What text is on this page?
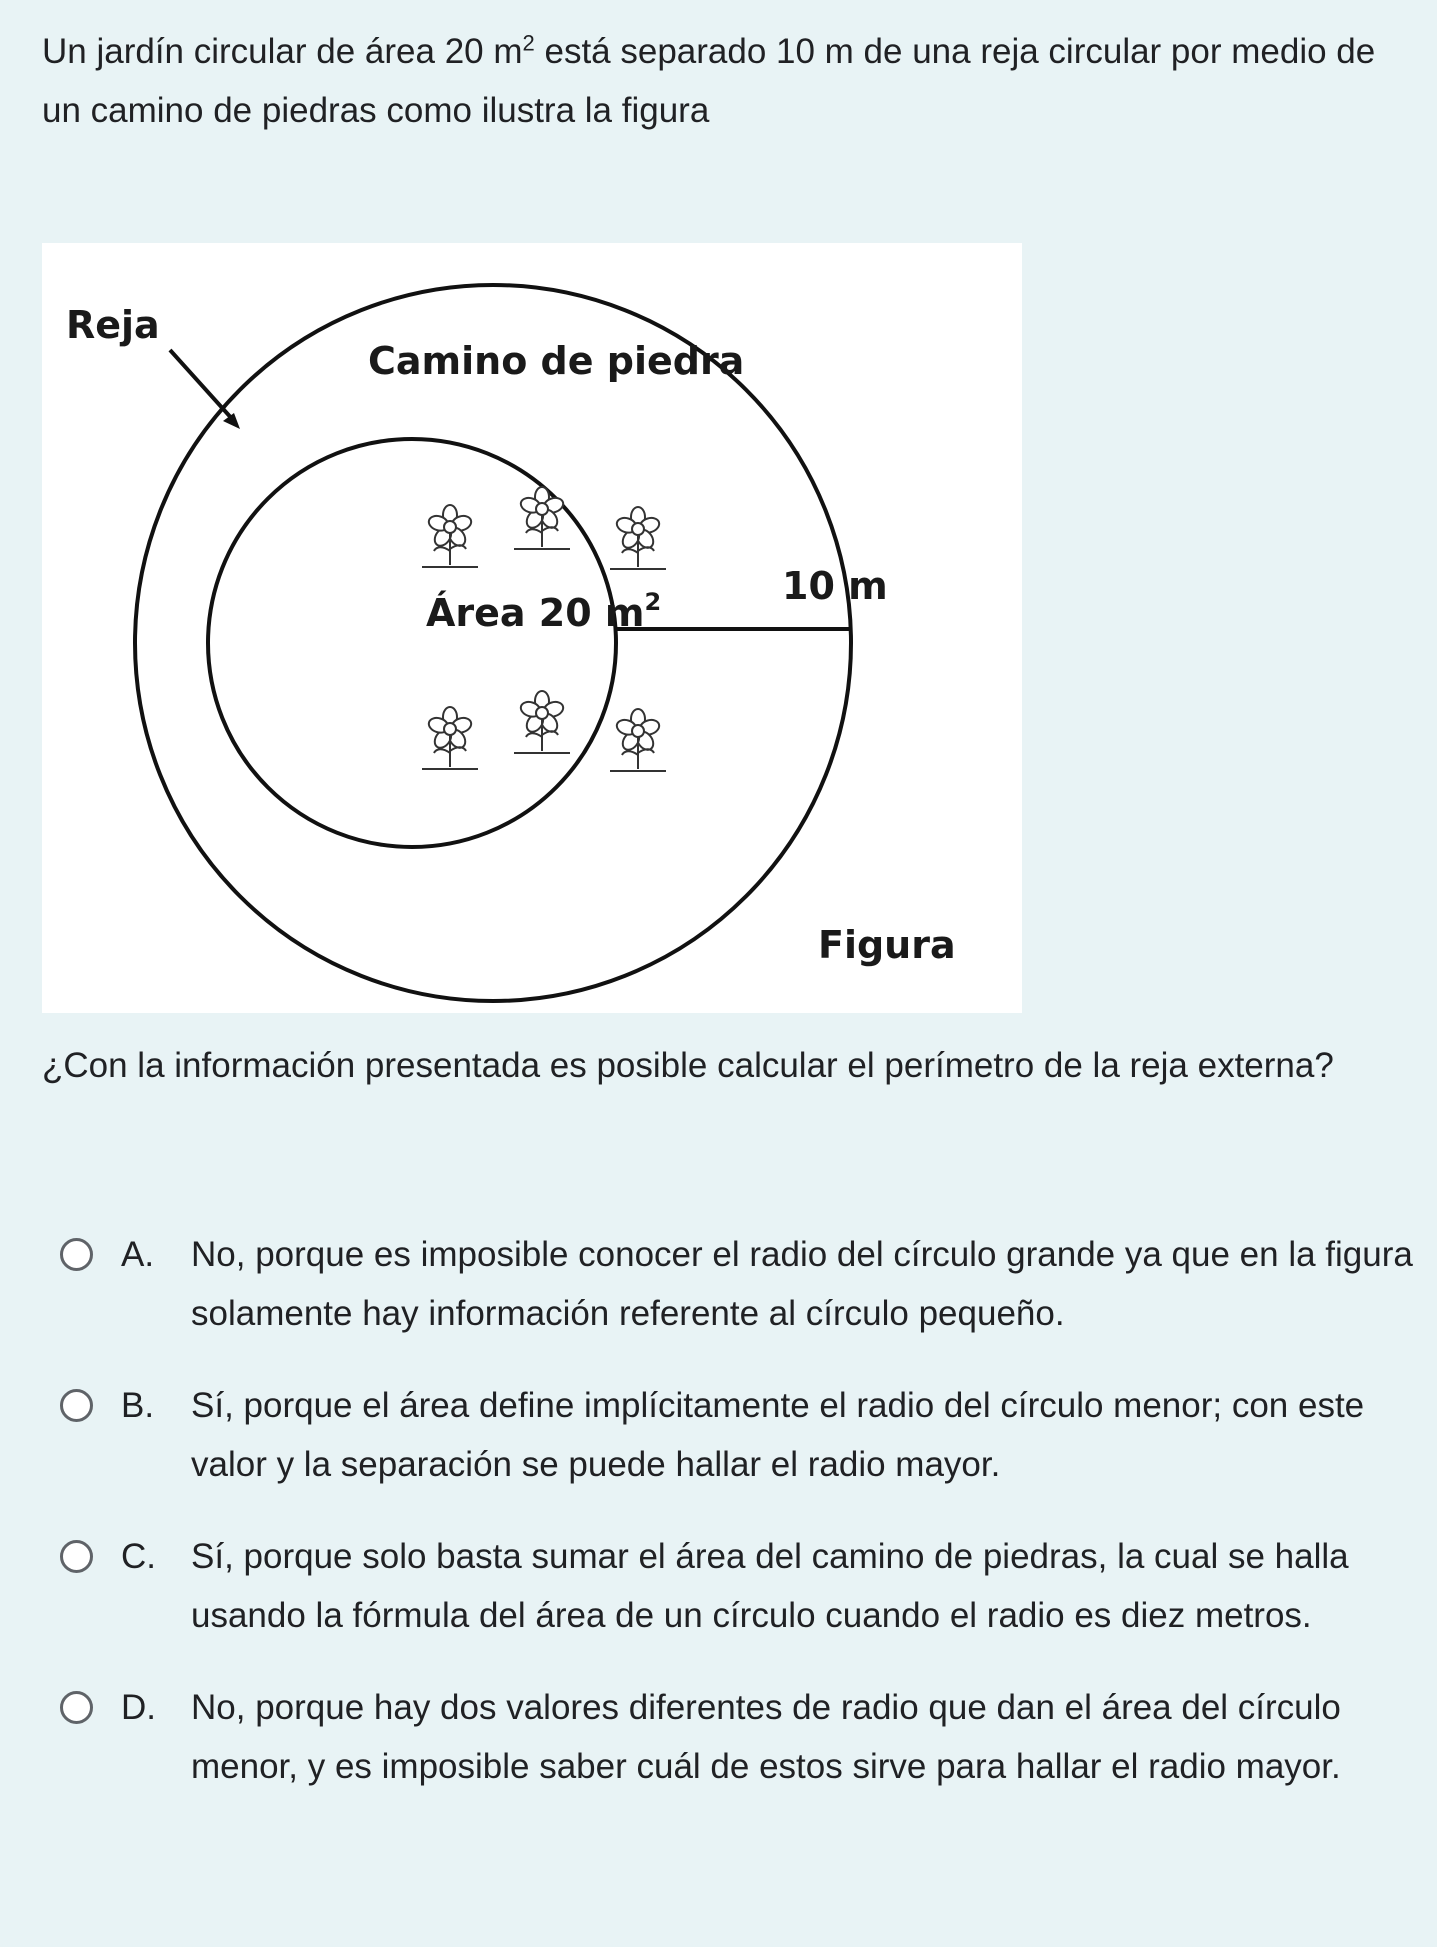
Un jardín circular de área 20 $m^2$ está separado 10 m de una reja circular por medio de un camino de piedras como ilustra la figura

Reja
Camino de piedra
Área 20 $m^2$	10 m
Figura

¿Con la información presentada es posible calcular el perímetro de la reja externa?

A.	No, porque es imposible conocer el radio del círculo grande ya que en la figura solamente hay información referente al círculo pequeño.
B.	Sí, porque el área define implícitamente el radio del círculo menor; con este valor y la separación se puede hallar el radio mayor.
C.	Sí, porque solo basta sumar el área del camino de piedras, la cual se halla usando la fórmula del área de un círculo cuando el radio es diez metros.
D.	No, porque hay dos valores diferentes de radio que dan el área del círculo menor, y es imposible saber cuál de estos sirve para hallar el radio mayor.
